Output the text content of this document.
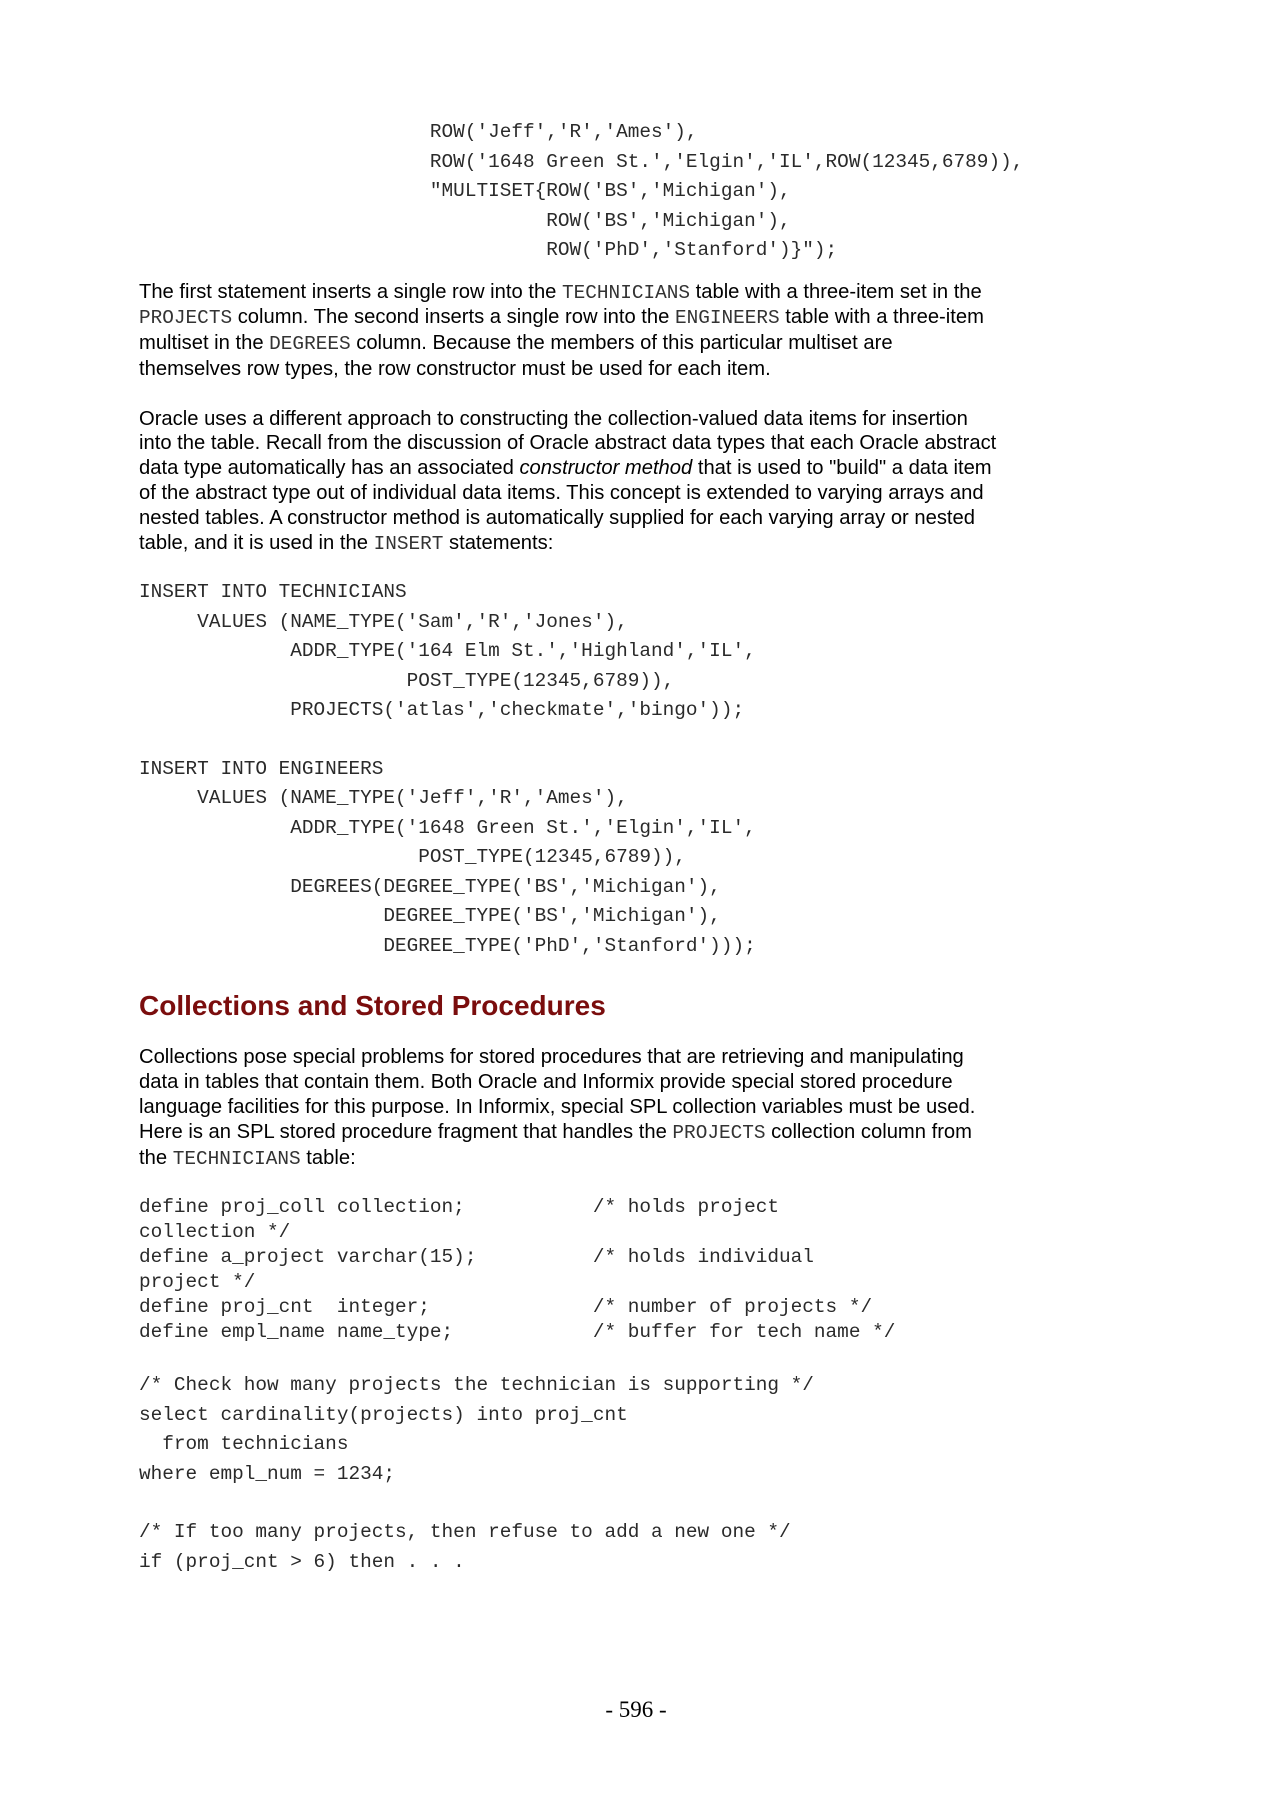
ROW('Jeff','R','Ames'),
ROW('1648 Green St.','Elgin','IL',ROW(12345,6789)),
"MULTISET{ROW('BS','Michigan'),
ROW('BS','Michigan'),
ROW('PhD','Stanford')}");

The first statement inserts a single row into the TECHNICIANS table with a three-item set in the PROJECTS column. The second inserts a single row into the ENGINEERS table with a three-item multiset in the DEGREES column. Because the members of this particular multiset are themselves row types, the row constructor must be used for each item.

Oracle uses a different approach to constructing the collection-valued data items for insertion into the table. Recall from the discussion of Oracle abstract data types that each Oracle abstract data type automatically has an associated constructor method that is used to "build" a data item of the abstract type out of individual data items. This concept is extended to varying arrays and nested tables. A constructor method is automatically supplied for each varying array or nested table, and it is used in the INSERT statements:

INSERT INTO TECHNICIANS
VALUES (NAME_TYPE('Sam','R','Jones'),
ADDR_TYPE('164 Elm St.','Highland','IL',
POST_TYPE(12345,6789)),
PROJECTS('atlas','checkmate','bingo'));
INSERT INTO ENGINEERS
VALUES (NAME_TYPE('Jeff','R','Ames'),
ADDR_TYPE('1648 Green St.','Elgin','IL',
POST_TYPE(12345,6789)),
DEGREES(DEGREE_TYPE('BS','Michigan'),
DEGREE_TYPE('BS','Michigan'),
DEGREE_TYPE('PhD','Stanford')));
Collections and Stored Procedures

Collections pose special problems for stored procedures that are retrieving and manipulating data in tables that contain them. Both Oracle and Informix provide special stored procedure language facilities for this purpose. In Informix, special SPL collection variables must be used. Here is an SPL stored procedure fragment that handles the PROJECTS collection column from the TECHNICIANS table:

define proj_coll collection;           /* holds project
collection */
define a_project varchar(15);          /* holds individual
project */
define proj_cnt  integer;              /* number of projects */
define empl_name name_type;            /* buffer for tech name */
/* Check how many projects the technician is supporting */
select cardinality(projects) into proj_cnt
from technicians
where empl_num = 1234;
/* If too many projects, then refuse to add a new one */
if (proj_cnt > 6) then . . .
- 596 -
